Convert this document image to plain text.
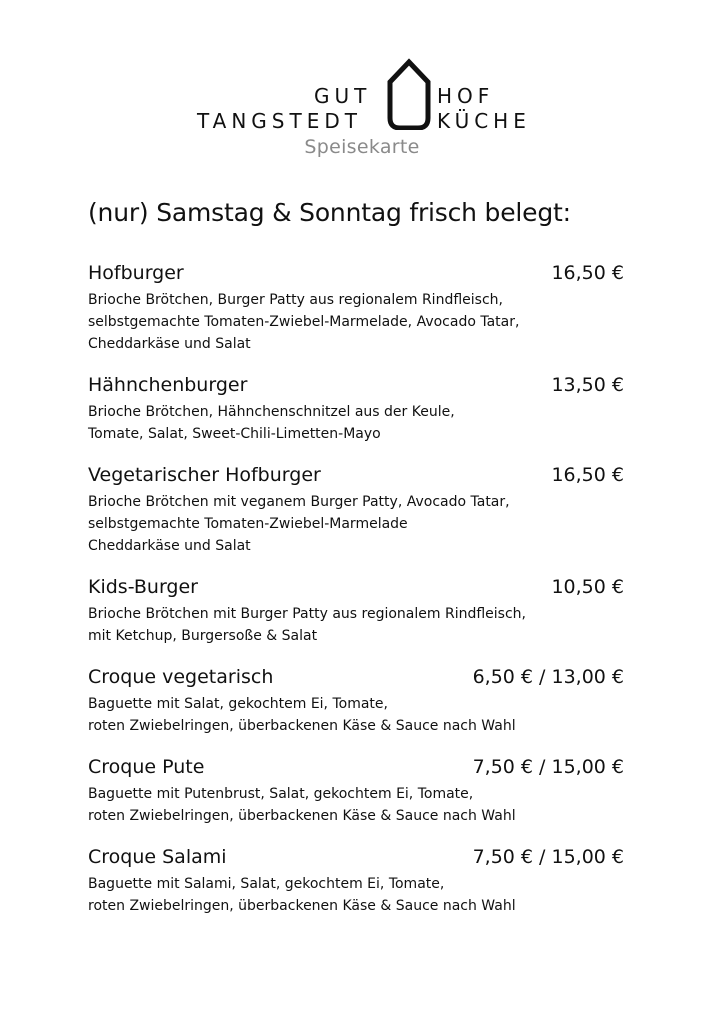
GUT
TANGSTEDT
HOF
KÜCHE
Speisekarte
(nur) Samstag & Sonntag frisch belegt:
Hofburger	16,50 €
Brioche Brötchen, Burger Patty aus regionalem Rindfleisch,
selbstgemachte Tomaten-Zwiebel-Marmelade, Avocado Tatar,
Cheddarkäse und Salat
Hähnchenburger	13,50 €
Brioche Brötchen, Hähnchenschnitzel aus der Keule,
Tomate, Salat, Sweet-Chili-Limetten-Mayo
Vegetarischer Hofburger	16,50 €
Brioche Brötchen mit veganem Burger Patty, Avocado Tatar,
selbstgemachte Tomaten-Zwiebel-Marmelade
Cheddarkäse und Salat
Kids-Burger	10,50 €
Brioche Brötchen mit Burger Patty aus regionalem Rindfleisch,
mit Ketchup, Burgersoße & Salat
Croque vegetarisch	6,50 € / 13,00 €
Baguette mit Salat, gekochtem Ei, Tomate,
roten Zwiebelringen, überbackenen Käse & Sauce nach Wahl
Croque Pute	7,50 € / 15,00 €
Baguette mit Putenbrust, Salat, gekochtem Ei, Tomate,
roten Zwiebelringen, überbackenen Käse & Sauce nach Wahl
Croque Salami	7,50 € / 15,00 €
Baguette mit Salami, Salat, gekochtem Ei, Tomate,
roten Zwiebelringen, überbackenen Käse & Sauce nach Wahl
